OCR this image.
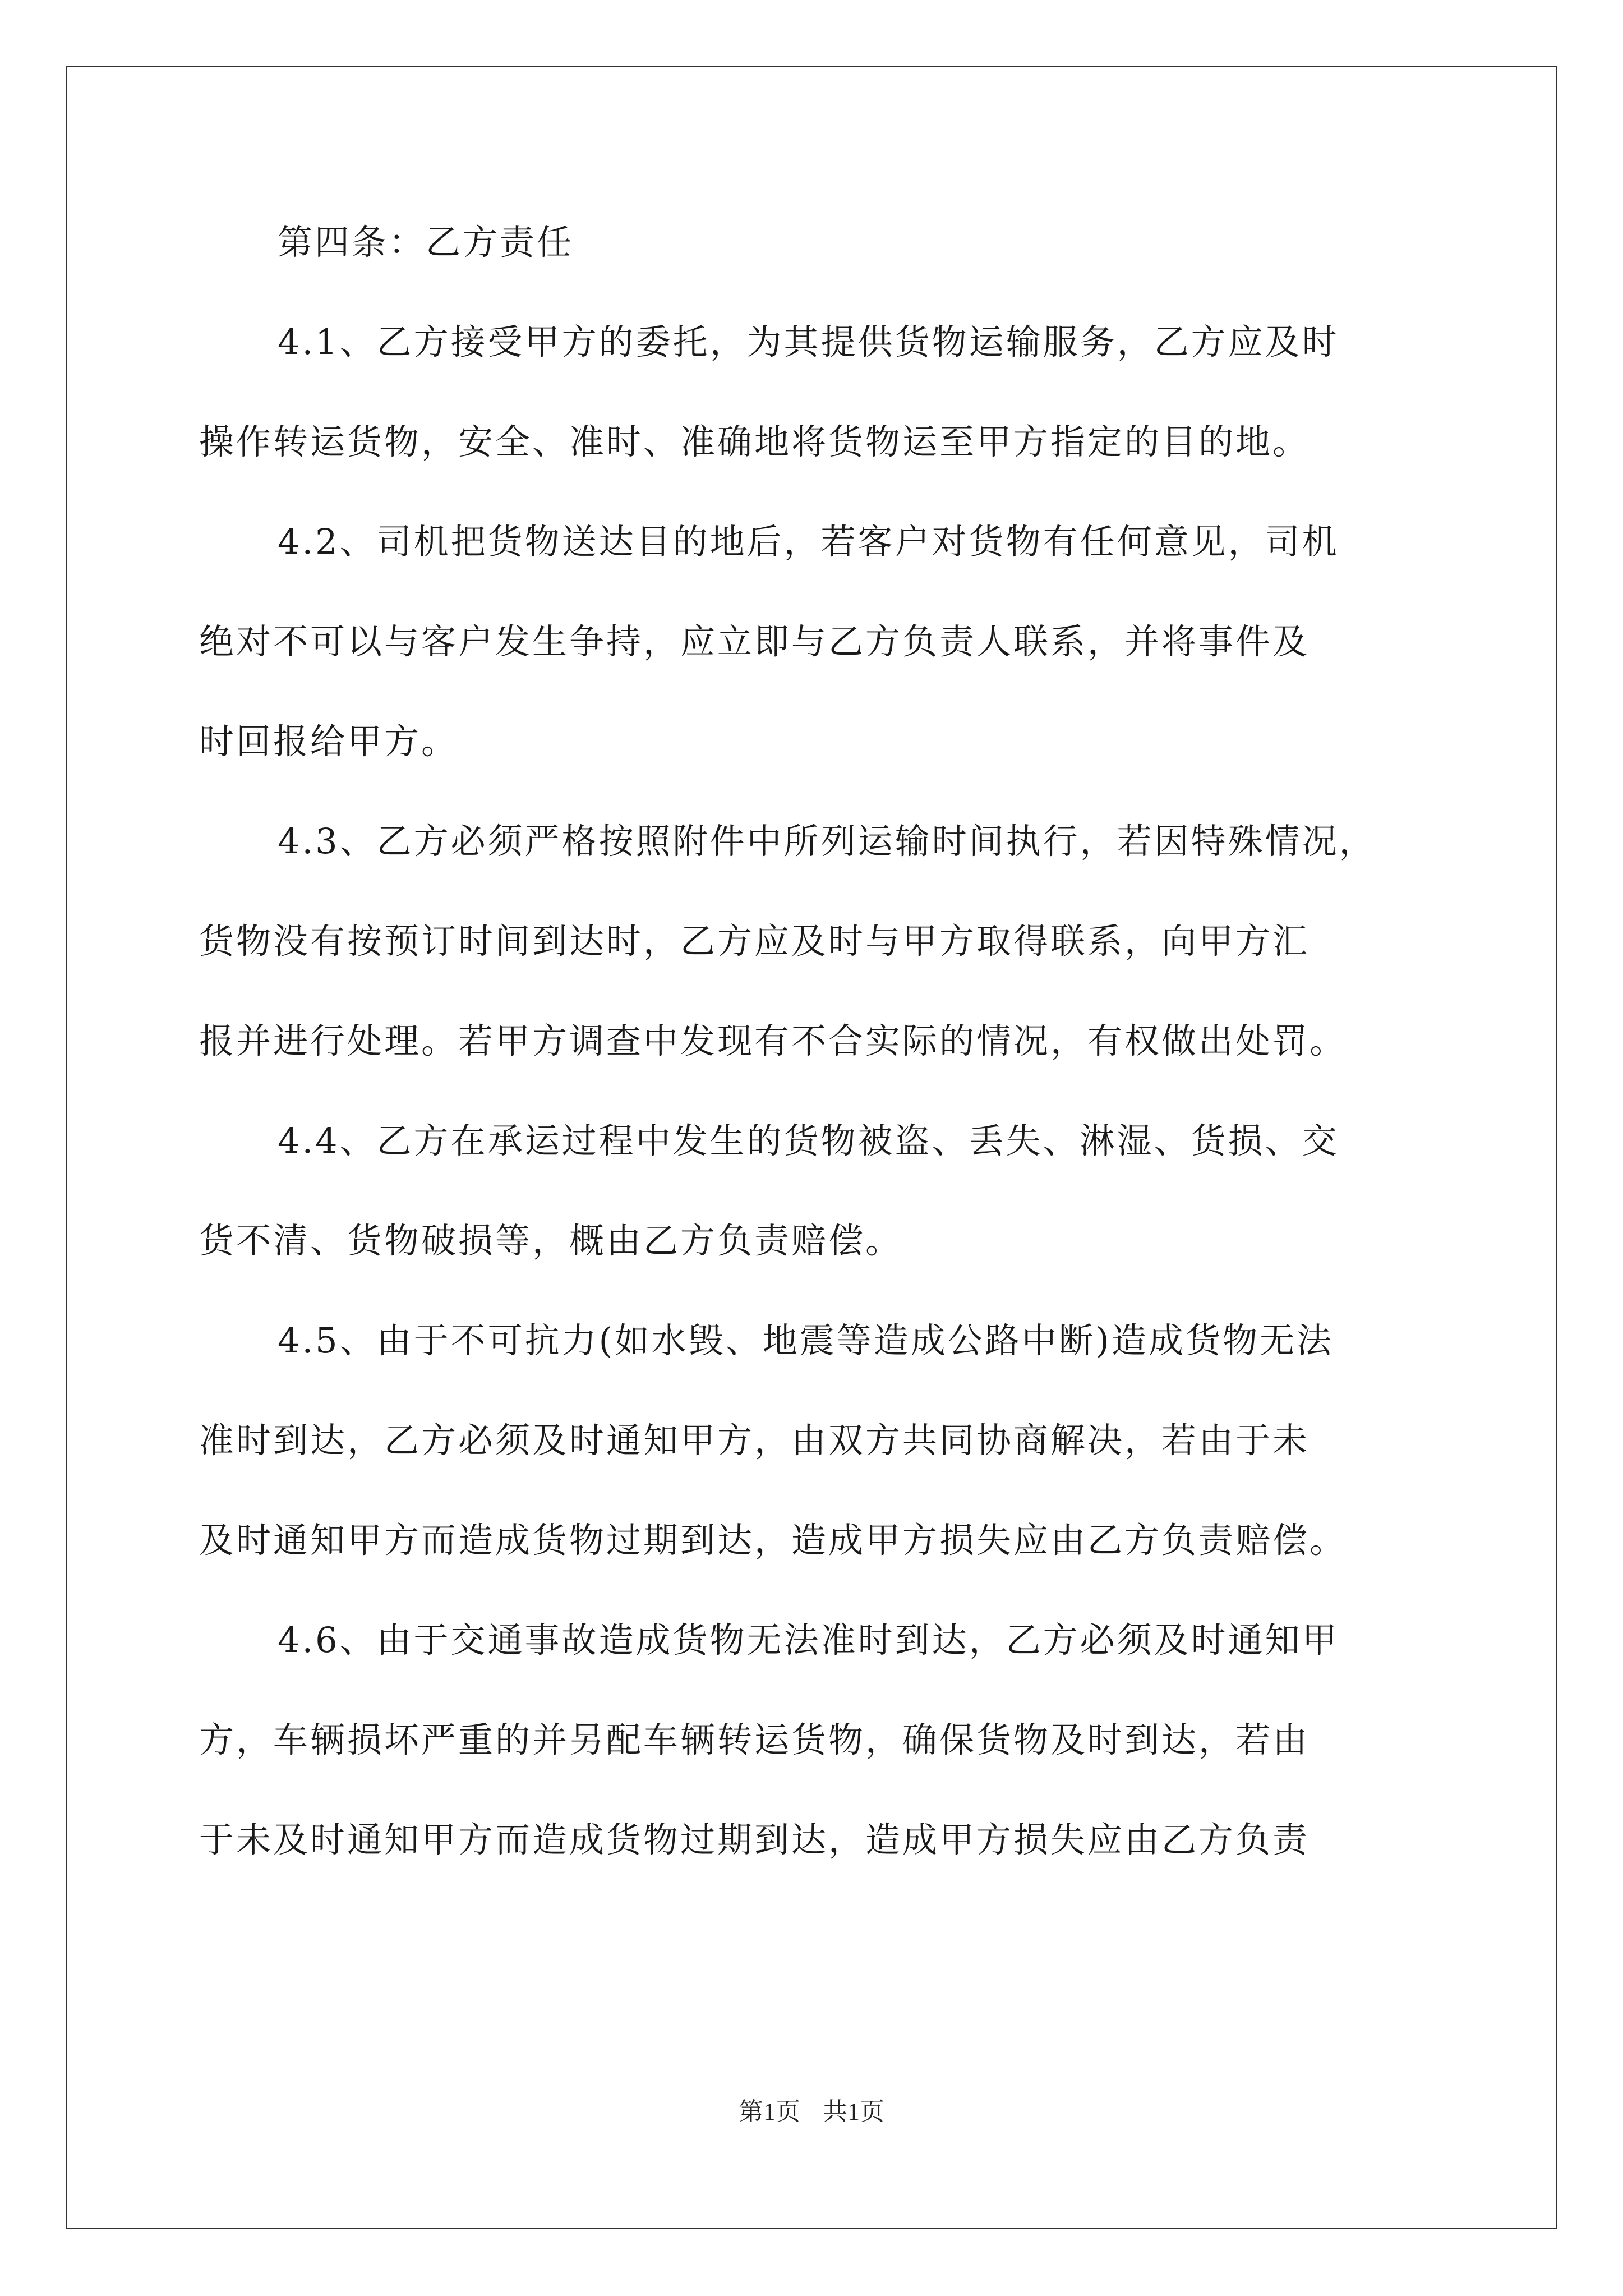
第四条：乙方责任
4.1、乙方接受甲方的委托，为其提供货物运输服务，乙方应及时
操作转运货物，安全、准时、准确地将货物运至甲方指定的目的地。
4.2、司机把货物送达目的地后，若客户对货物有任何意见，司机
绝对不可以与客户发生争持，应立即与乙方负责人联系，并将事件及
时回报给甲方。
4.3、乙方必须严格按照附件中所列运输时间执行，若因特殊情况，
货物没有按预订时间到达时，乙方应及时与甲方取得联系，向甲方汇
报并进行处理。若甲方调查中发现有不合实际的情况，有权做出处罚。
4.4、乙方在承运过程中发生的货物被盗、丢失、淋湿、货损、交
货不清、货物破损等，概由乙方负责赔偿。
4.5、由于不可抗力(如水毁、地震等造成公路中断)造成货物无法
准时到达，乙方必须及时通知甲方，由双方共同协商解决，若由于未
及时通知甲方而造成货物过期到达，造成甲方损失应由乙方负责赔偿。
4.6、由于交通事故造成货物无法准时到达，乙方必须及时通知甲
方，车辆损坏严重的并另配车辆转运货物，确保货物及时到达，若由
于未及时通知甲方而造成货物过期到达，造成甲方损失应由乙方负责
第1页 共1页
